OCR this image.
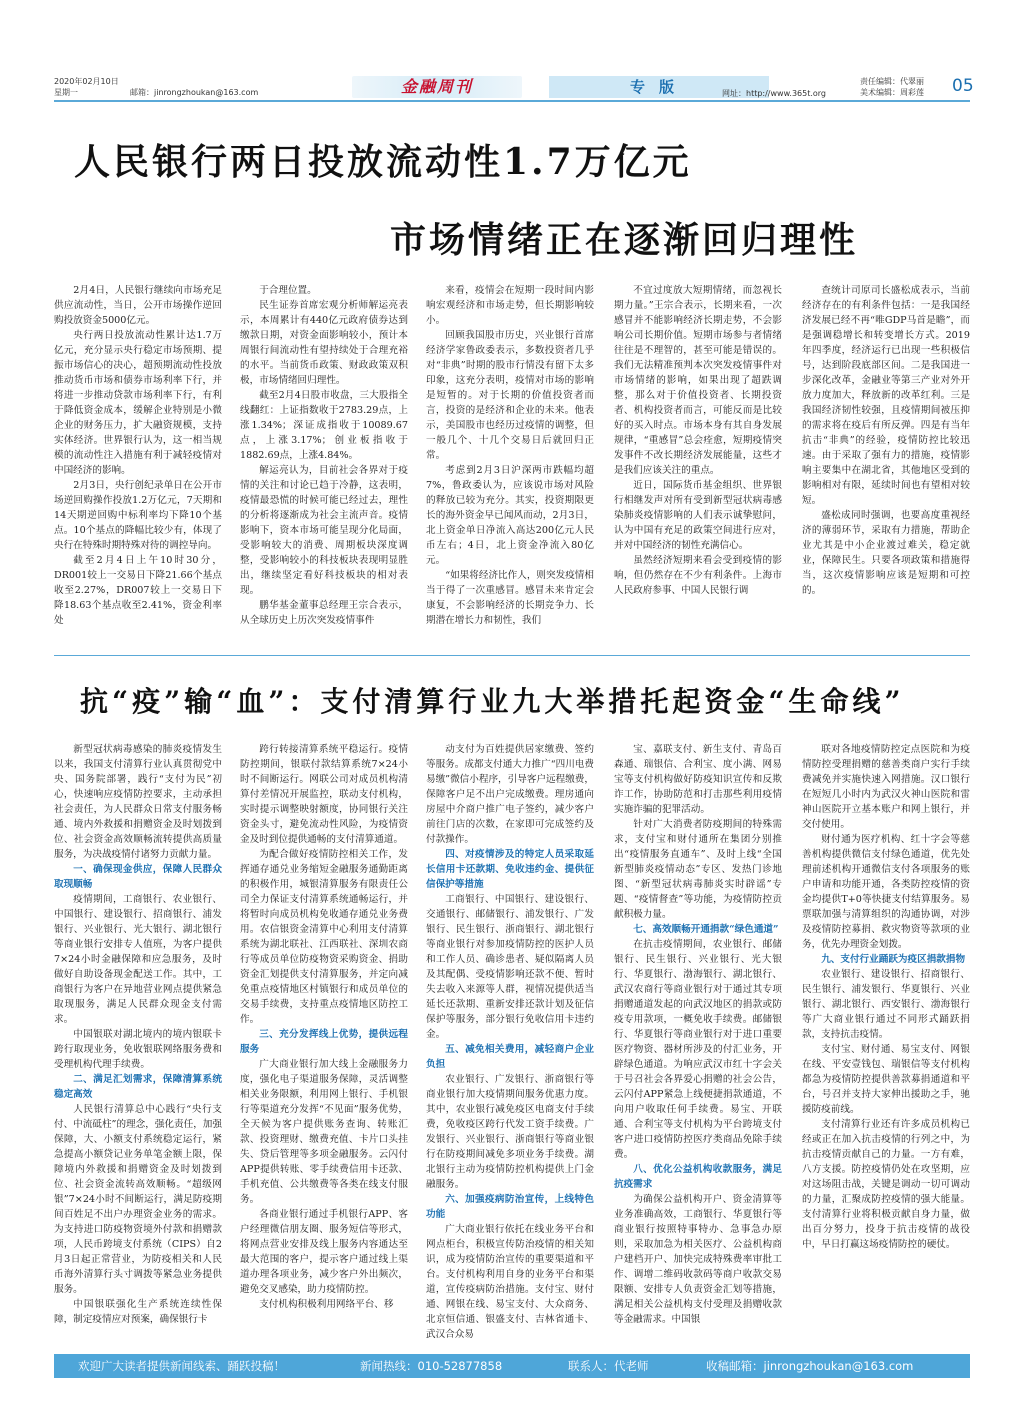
2020年02月10日
星期一	邮箱：jinrongzhoukan@163.com	金融周刊	专版	网址：http://www.365t.org
责任编辑：代翠丽
美术编辑：周彩莲 05
人民银行两日投放流动性1.7万亿元
市场情绪正在逐渐回归理性

2月4日，人民银行继续向市场充足供应流动性，当日，公开市场操作逆回购投放资金5000亿元。

央行两日投放流动性累计达1.7万亿元，充分显示央行稳定市场预期、提振市场信心的决心，超预期流动性投放推动货币市场和债券市场利率下行，并将进一步推动贷款市场利率下行，有利于降低资金成本，缓解企业特别是小微企业的财务压力，扩大融资规模，支持实体经济。世界银行认为，这一相当规模的流动性注入措施有利于减轻疫情对中国经济的影响。

2月3日，央行创纪录单日在公开市场逆回购操作投放1.2万亿元，7天期和14天期逆回购中标利率均下降10个基点。10个基点的降幅比较少有，体现了央行在特殊时期特殊对待的调控导向。

截至2月4日上午10时30分，DR001较上一交易日下降21.66个基点收至2.27%，DR007较上一交易日下降18.63个基点收至2.41%，资金利率处

于合理位置。

民生证券首席宏观分析师解运亮表示，本周累计有440亿元政府债券达到缴款日期，对资金面影响较小，预计本周银行间流动性有望持续处于合理充裕的水平。当前货币政策、财政政策双积极，市场情绪回归理性。

截至2月4日股市收盘，三大股指全线翻红：上证指数收于2783.29点，上涨1.34%；深证成指收于10089.67点，上涨3.17%；创业板指收于1882.69点，上涨4.84%。

解运亮认为，目前社会各界对于疫情的关注和讨论已趋于冷静，这表明，疫情最恐慌的时候可能已经过去，理性的分析将逐渐成为社会主流声音。疫情影响下，资本市场可能呈现分化局面，受影响较大的消费、周期板块深度调整，受影响较小的科技板块表现明显胜出，继续坚定看好科技板块的相对表现。

鹏华基金董事总经理王宗合表示，从全球历史上历次突发疫情事件

来看，疫情会在短期一段时间内影响宏观经济和市场走势，但长期影响较小。

回顾我国股市历史，兴业银行首席经济学家鲁政委表示，多数投资者几乎对“非典”时期的股市行情没有留下太多印象，这充分表明，疫情对市场的影响是短暂的。对于长期的价值投资者而言，投资的是经济和企业的未来。他表示，美国股市也经历过疫情的调整，但一般几个、十几个交易日后就回归正常。

考虑到2月3日沪深两市跌幅均超7%，鲁政委认为，应该说市场对风险的释放已较为充分。其实，投资期限更长的海外资金早已闻风而动，2月3日，北上资金单日净流入高达200亿元人民币左右；4日，北上资金净流入80亿元。

“如果将经济比作人，则突发疫情相当于得了一次重感冒。感冒未来肯定会康复，不会影响经济的长期竞争力、长期潜在增长力和韧性，我们

不宜过度放大短期情绪，而忽视长期力量。”王宗合表示，长期来看，一次感冒并不能影响经济长期走势，不会影响公司长期价值。短期市场参与者情绪往往是不理智的，甚至可能是错误的。我们无法精准预判本次突发疫情事件对市场情绪的影响，如果出现了超跌调整，那么对于价值投资者、长期投资者、机构投资者而言，可能反而是比较好的买入时点。市场本身有其自身发展规律，“重感冒”总会痊愈，短期疫情突发事件不改长期经济发展能量，这些才是我们应该关注的重点。

近日，国际货币基金组织、世界银行相继发声对所有受到新型冠状病毒感染肺炎疫情影响的人们表示诚挚慰问，认为中国有充足的政策空间进行应对，并对中国经济的韧性充满信心。

虽然经济短期来看会受到疫情的影响，但仍然存在不少有利条件。上海市人民政府参事、中国人民银行调

查统计司原司长盛松成表示，当前经济存在的有利条件包括：一是我国经济发展已经不再“唯GDP马首是瞻”，而是强调稳增长和转变增长方式。2019年四季度，经济运行已出现一些积极信号，达到阶段底部区间。二是我国进一步深化改革，金融业等第三产业对外开放力度加大，释放新的改革红利。三是我国经济韧性较强，且疫情期间被压抑的需求将在疫后有所反弹。四是有当年抗击“非典”的经验，疫情防控比较迅速。由于采取了强有力的措施，疫情影响主要集中在湖北省，其他地区受到的影响相对有限，延续时间也有望相对较短。

盛松成同时强调，也要高度重视经济的薄弱环节，采取有力措施，帮助企业尤其是中小企业渡过难关，稳定就业，保障民生。只要各项政策和措施得当，这次疫情影响应该是短期和可控的。

抗“疫”输“血”：支付清算行业九大举措托起资金“生命线”

新型冠状病毒感染的肺炎疫情发生以来，我国支付清算行业认真贯彻党中央、国务院部署，践行“支付为民”初心，快速响应疫情防控要求，主动承担社会责任，为人民群众日常支付服务畅通、境内外救援和捐赠资金及时划拨到位、社会资金高效顺畅流转提供高质量服务，为决战疫情付诸努力贡献力量。

一、确保现金供应，保障人民群众取现顺畅

疫情期间，工商银行、农业银行、中国银行、建设银行、招商银行、浦发银行、兴业银行、光大银行、湖北银行等商业银行安排专人值班，为客户提供7×24小时金融保障和应急服务，及时做好自助设备现金配送工作。其中，工商银行为客户在异地营业网点提供紧急取现服务，满足人民群众现金支付需求。

中国银联对湖北境内的境内银联卡跨行取现业务，免收银联网络服务费和受理机构代理手续费。

二、满足汇划需求，保障清算系统稳定高效

人民银行清算总中心践行“央行支付、中流砥柱”的理念，强化责任，加强保障，大、小额支付系统稳定运行，紧急提高小额贷记业务单笔金额上限，保障境内外救援和捐赠资金及时划拨到位、社会资金流转高效顺畅。“超级网银”7×24小时不间断运行，满足防疫期间百姓足不出户办理资金业务的需求。为支持进口防疫物资境外付款和捐赠款项，人民币跨境支付系统（CIPS）自2月3日起正常营业，为防疫相关和人民币海外清算行头寸调拨等紧急业务提供服务。

中国银联强化生产系统连续性保障，制定疫情应对预案，确保银行卡

跨行转接清算系统平稳运行。疫情防控期间，银联付款结算系统7×24小时不间断运行。网联公司对成员机构清算付差情况开展监控，联动支付机构，实时提示调整映射额度，协同银行关注资金头寸，避免流动性风险，为疫情资金及时到位提供通畅的支付清算通道。

为配合做好疫情防控相关工作，发挥通存通兑业务缩短金融服务通勤距离的积极作用，城银清算服务有限责任公司全力保证支付清算系统通畅运行，并将暂时向成员机构免收通存通兑业务费用。农信银资金清算中心利用支付清算系统为湖北联社、江西联社、深圳农商行等成员单位防疫物资采购资金、捐助资金汇划提供支付清算服务，并定向减免重点疫情地区村镇银行和成员单位的交易手续费，支持重点疫情地区防控工作。

三、充分发挥线上优势，提供远程服务

广大商业银行加大线上金融服务力度，强化电子渠道服务保障，灵活调整相关业务限额，利用网上银行、手机银行等渠道充分发挥“不见面”服务优势，全天候为客户提供账务查询、转账汇款、投资理财、缴费充值、卡片口头挂失、贷后管理等多项金融服务。云闪付APP提供转账、零手续费信用卡还款、手机充值、公共缴费等各类在线支付服务。

各商业银行通过手机银行APP、客户经理微信朋友圈、服务短信等形式，将网点营业安排及线上服务内容通达至最大范围的客户，提示客户通过线上渠道办理各项业务，减少客户外出频次，避免交叉感染，助力疫情防控。

支付机构积极利用网络平台、移

动支付为百姓提供居家缴费、签约等服务。成都支付通大力推广“四川电费易缴”微信小程序，引导客户远程缴费，保障客户足不出户完成缴费。理房通向房屋中介商户推广电子签约，减少客户前往门店的次数，在家即可完成签约及付款操作。

四、对疫情涉及的特定人员采取延长信用卡还款期、免收违约金、提供征信保护等措施

工商银行、中国银行、建设银行、交通银行、邮储银行、浦发银行、广发银行、民生银行、浙商银行、湖北银行等商业银行对参加疫情防控的医护人员和工作人员、确诊患者、疑似隔离人员及其配偶、受疫情影响还款不便、暂时失去收入来源等人群，视情况提供适当延长还款期、重新安排还款计划及征信保护等服务，部分银行免收信用卡违约金。

五、减免相关费用，减轻商户企业负担

农业银行、广发银行、浙商银行等商业银行加大疫情期间服务优惠力度。其中，农业银行减免疫区电商支付手续费，免收疫区跨行代发工资手续费。广发银行、兴业银行、浙商银行等商业银行在防疫期间减免多项业务手续费。湖北银行主动为疫情防控机构提供上门金融服务。

六、加强疫病防治宣传，上线特色功能

广大商业银行依托在线业务平台和网点柜台，积极宣传防治疫情的相关知识，成为疫情防治宣传的重要渠道和平台。支付机构利用自身的业务平台和渠道，宣传疫病防治措施。支付宝、财付通、网银在线、易宝支付、大众商务、北京恒信通、银盛支付、吉林省通卡、武汉合众易

宝、嘉联支付、新生支付、青岛百森通、瑞银信、合利宝、度小满、网易宝等支付机构做好防疫知识宣传和反欺诈工作，协助防范和打击那些利用疫情实施诈骗的犯罪活动。

针对广大消费者防疫期间的特殊需求，支付宝和财付通所在集团分别推出“疫情服务直通车”、及时上线“全国新型肺炎疫情动态”专区、发热门诊地图、“新型冠状病毒肺炎实时辟谣”专题、“疫情督查”等功能，为疫情防控贡献积极力量。

七、高效顺畅开通捐款“绿色通道”

在抗击疫情期间，农业银行、邮储银行、民生银行、兴业银行、光大银行、华夏银行、渤海银行、湖北银行、武汉农商行等商业银行对于通过其专项捐赠通道发起的向武汉地区的捐款或防疫专用款项，一概免收手续费。邮储银行、华夏银行等商业银行对于进口重要医疗物资、器材所涉及的付汇业务，开辟绿色通道。为响应武汉市红十字会关于号召社会各界爱心捐赠的社会公告，云闪付APP紧急上线便捷捐款通道，不向用户收取任何手续费。易宝、开联通、合利宝等支付机构为平台跨境支付客户进口疫情防控医疗类商品免除手续费。

八、优化公益机构收款服务，满足抗疫需求

为确保公益机构开户、资金清算等业务准确高效，工商银行、华夏银行等商业银行按照特事特办、急事急办原则，采取加急为相关医疗、公益机构商户建档开户、加快完成特殊费率审批工作、调增二维码收款码等商户收款交易限额、安排专人负责资金汇划等措施，满足相关公益机构支付受理及捐赠收款等金融需求。中国银

联对各地疫情防控定点医院和为疫情防控受理捐赠的慈善类商户实行手续费减免并实施快速入网措施。汉口银行在短短几小时内为武汉火神山医院和雷神山医院开立基本账户和网上银行，并交付使用。

财付通为医疗机构、红十字会等慈善机构提供微信支付绿色通道，优先处理前述机构开通微信支付各项服务的账户申请和功能开通，各类防控疫情的资金均提供T+0等快捷支付结算服务。易票联加强与清算组织的沟通协调，对涉及疫情防控募捐、救灾物资等款项的业务，优先办理资金划拨。

九、支付行业踊跃为疫区捐款捐物

农业银行、建设银行、招商银行、民生银行、浦发银行、华夏银行、兴业银行、湖北银行、西安银行、渤海银行等广大商业银行通过不同形式踊跃捐款，支持抗击疫情。

支付宝、财付通、易宝支付、网银在线、平安壹钱包、瑞银信等支付机构都急为疫情防控提供善款募捐通道和平台，号召并支持大家伸出援助之手，驰援防疫前线。

支付清算行业还有许多成员机构已经或正在加入抗击疫情的行列之中，为抗击疫情贡献自己的力量。一方有难，八方支援。防控疫情仍处在攻坚期，应对这场阻击战，关键是调动一切可调动的力量，汇聚成防控疫情的强大能量。支付清算行业将积极贡献自身力量，做出百分努力，投身于抗击疫情的战役中，早日打赢这场疫情防控的硬仗。

欢迎广大读者提供新闻线索、踊跃投稿！	新闻热线：010-52877858	联系人：代老师	收稿邮箱：jinrongzhoukan@163.com
